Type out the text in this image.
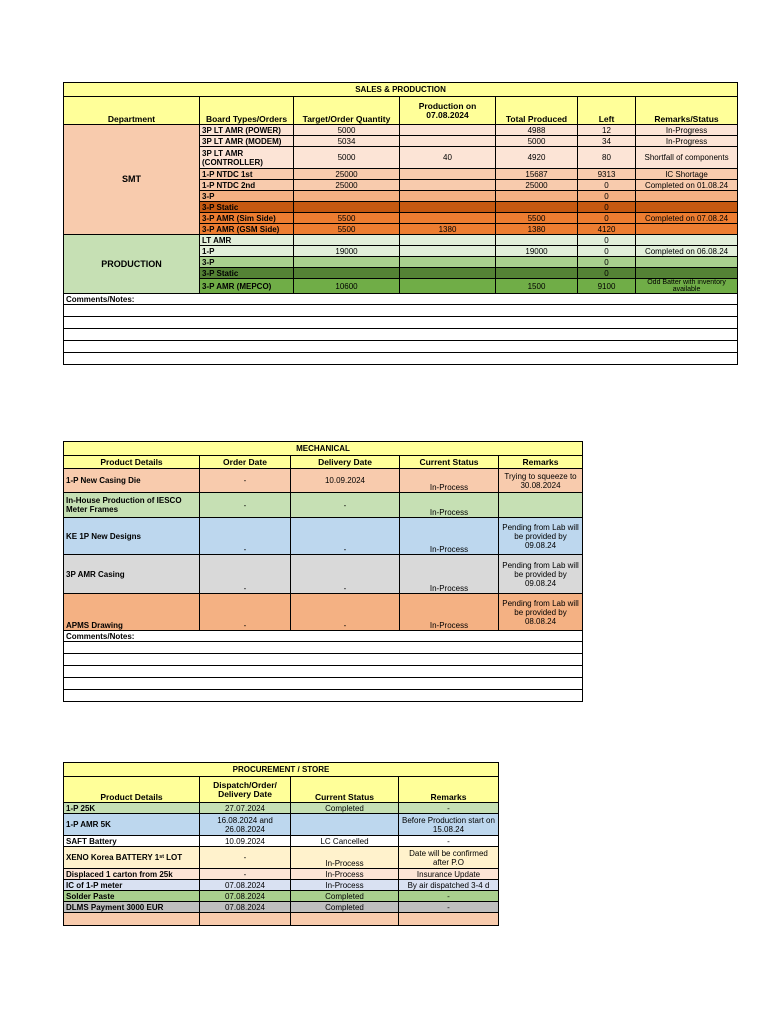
SALES & PRODUCTION						
Department	Board Types/Orders	Target/Order Quantity	Production on 07.08.2024	Total Produced	Left	Remarks/Status
SMT	3P LT AMR (POWER)	5000		4988	12	In-Progress
	3P LT AMR (MODEM)	5034		5000	34	In-Progress
	3P LT AMR (CONTROLLER)	5000	40	4920	80	Shortfall of components
	1-P NTDC 1st	25000		15687	9313	IC Shortage
	1-P NTDC 2nd	25000		25000	0	Completed on 01.08.24
	3-P				0	
	3-P Static				0	
	3-P AMR (Sim Side)	5500		5500	0	Completed on 07.08.24
	3-P AMR (GSM Side)	5500	1380	1380	4120	
PRODUCTION	LT AMR				0	
	1-P	19000		19000	0	Completed on 06.08.24
	3-P				0	
	3-P Static				0	
	3-P AMR (MEPCO)	10600		1500	9100	Odd Batter with inventory available
Comments/Notes:						

MECHANICAL				
Product Details	Order Date	Delivery Date	Current Status	Remarks
1-P New Casing Die	-	10.09.2024	In-Process	Trying to squeeze to 30.08.2024
In-House Production of IESCO Meter Frames	-	-	In-Process	
KE 1P New Designs	-	-	In-Process	Pending from Lab will be provided by 09.08.24
3P AMR Casing	-	-	In-Process	Pending from Lab will be provided by 09.08.24
APMS Drawing	-	-	In-Process	Pending from Lab will be provided by 08.08.24
Comments/Notes:				

PROCUREMENT / STORE			
Product Details	Dispatch/Order/ Delivery Date	Current Status	Remarks
1-P 25K	27.07.2024	Completed	-
1-P AMR 5K	16.08.2024 and 26.08.2024		Before Production start on 15.08.24
SAFT Battery	10.09.2024	LC Cancelled	-
XENO Korea BATTERY 1ˢᵗ LOT	-	In-Process	Date will be confirmed after P.O
Displaced 1 carton from 25k	-	In-Process	Insurance Update
IC of 1-P meter	07.08.2024	In-Process	By air dispatched 3-4 d
Solder Paste	07.08.2024	Completed	-
DLMS Payment 3000 EUR	07.08.2024	Completed	-
